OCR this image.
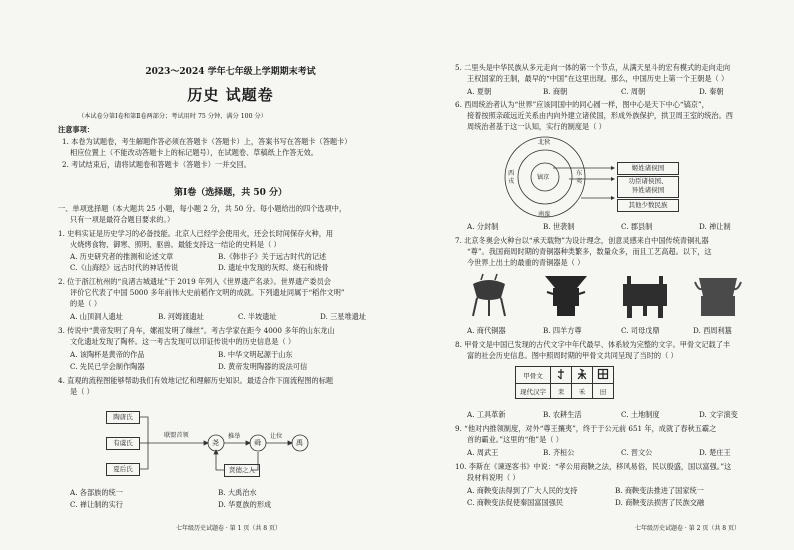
2023～2024 学年七年级上学期期末考试
历史 试题卷
（本试卷分第Ⅰ卷和第Ⅱ卷两部分；考试用时 75 分钟，满分 100 分）
注意事项：
1. 本卷为试题卷，考生解题作答必须在答题卡（答题卡）上，答案书写在答题卡（答题卡）
相应位置上（不能改动答题卡上的标记题号），在试题卷、草稿纸上作答无效。
2. 考试结束后，请将试题卷和答题卡（答题卡）一并交回。
第Ⅰ卷（选择题，共 50 分）
一、单项选择题（本大题共 25 小题，每小题 2 分，共 50 分。每小题给出的四个选项中，
只有一项是最符合题目要求的。）
1. 史料实证是历史学习的必备技能。北京人已经学会使用火，还会长时间保存火种，用
火烧烤食物、御寒、照明、驱兽。最能支持这一结论的史料是（ ）
A. 历史研究者的推测和论述文章	B.《韩非子》关于远古时代的记述
C.《山海经》远古时代的神话传说	D. 遗址中发现的灰烬、烧石和烧骨
2. 位于浙江杭州的“良渚古城遗址”于 2019 年列入《世界遗产名录》。世界遗产委员会
评价它代表了中国 5000 多年前伟大史前稻作文明的成就。下列遗址同属于“稻作文明”
的是（ ）
A. 山顶洞人遗址	B. 河姆渡遗址	C. 半坡遗址	D. 三星堆遗址
3. 传说中“黄帝发明了舟车，嫘祖发明了缫丝”。考古学家在距今 4000 多年的山东龙山
文化遗址发现了陶杯。这一考古发现可以印证传说中的历史信息是（ ）
A. 该陶杯是黄帝的作品	B. 中华文明起源于山东
C. 先民已学会制作陶器	D. 黄帝发明陶器的说法可信
4. 直观的流程图能够帮助我们有效地记忆和理解历史知识。最适合作下面流程图的标题
是（ ）
陶唐氏
有虞氏
夏后氏
联盟首领
尧
推举
舜
让位
禹
贤德之人
A. 各部族的统一	B. 大禹治水
C. 禅让制的实行	D. 华夏族的形成
七年级历史试题卷 · 第 1 页（共 8 页）
5. 二里头是中华民族从多元走向一体的第一个节点，从满天星斗的宏有模式的走向走向
王权国家的王制，最早的“中国”在这里出现。那么，中国历史上第一个王朝是（ ）
A. 夏朝	B. 商朝	C. 周朝	D. 秦朝
6. 西周统治者认为“世界”应该同国中的同心圆一样，图中心是天下中心“镐京”，
接着按照亲疏远近关系由内向外建立诸侯国，形成外族保护，拱卫周王室的统治。西
周统治者基于这一认知，实行的制度是（ ）
北狄
西戎
镐京
东夷
南蛮
姬姓诸侯国
功臣诸侯国、
异姓诸侯国
其他少数民族
A. 分封制	B. 世袭制	C. 郡县制	D. 禅让制
7. 北京冬奥会火种台以“承天载物”为设计理念，创意灵感来自中国传统青铜礼器
“尊”。我国商周时期的青铜器种类繁多，数量众多，而且工艺高超。以下，这
今世界上出土的最重的青铜器是（ ）
A. 商代铜器	B. 四羊方尊	C. 司母戊鼎	D. 西周利簋
8. 甲骨文是中国已发现的古代文字中年代最早、体系较为完整的文字。甲骨文记载了丰
富的社会历史信息。图中照周时期的甲骨文共同呈现了当时的（ ）
甲骨文			
现代汉字	耒	禾	田
A. 工具革新	B. 农耕生活	C. 土地制度	D. 文字演变
9. “他对内推领制度，对外“尊王攘夷”，终于于公元前 651 年，成就了春秋五霸之
首的霸业。”这里的“他”是（ ）
A. 周武王	B. 齐桓公	C. 晋文公	D. 楚庄王
10. 李斯在《谏逐客书》中说：“孝公用商鞅之法，移风易俗，民以殷盛，国以富强。”这
段材料说明（ ）
A. 商鞅变法得到了广大人民的支持	B. 商鞅变法推进了国家统一
C. 商鞅变法促使秦国富国强民	D. 商鞅变法损害了民族交融
七年级历史试题卷 · 第 2 页（共 8 页）
